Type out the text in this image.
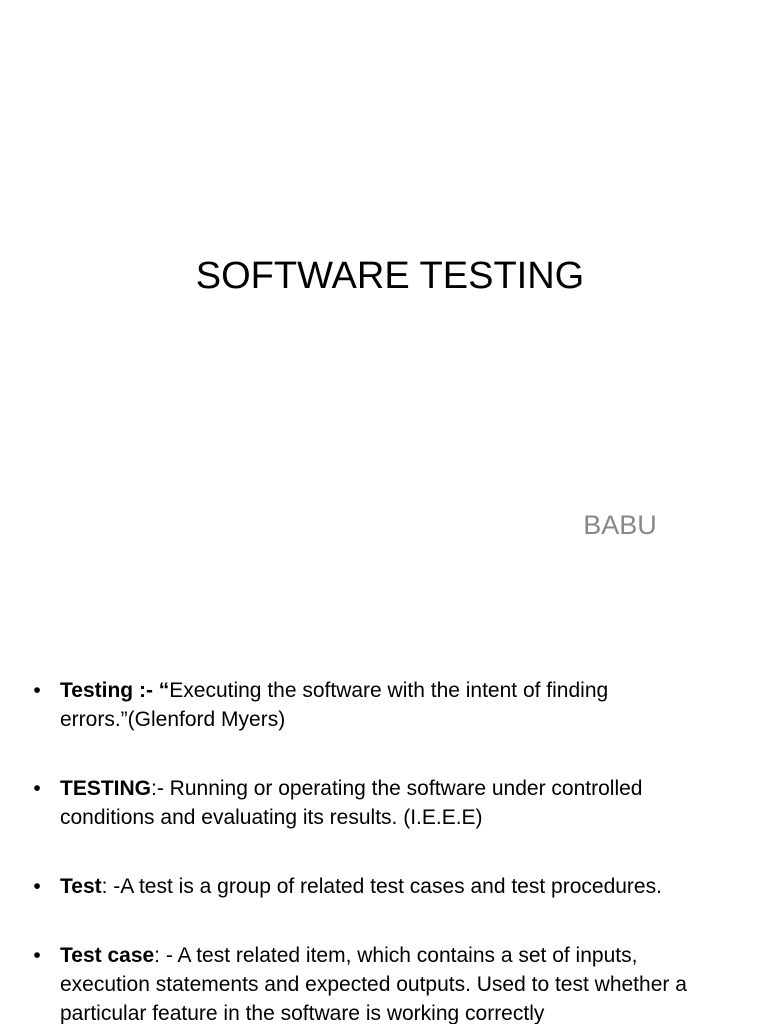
SOFTWARE TESTING
BABU
• Testing :- “Executing the software with the intent of finding errors.”(Glenford Myers)
• TESTING:- Running or operating the software under controlled conditions and evaluating its results. (I.E.E.E)
• Test: -A test is a group of related test cases and test procedures.
• Test case: - A test related item, which contains a set of inputs, execution statements and expected outputs. Used to test whether a particular feature in the software is working correctly
